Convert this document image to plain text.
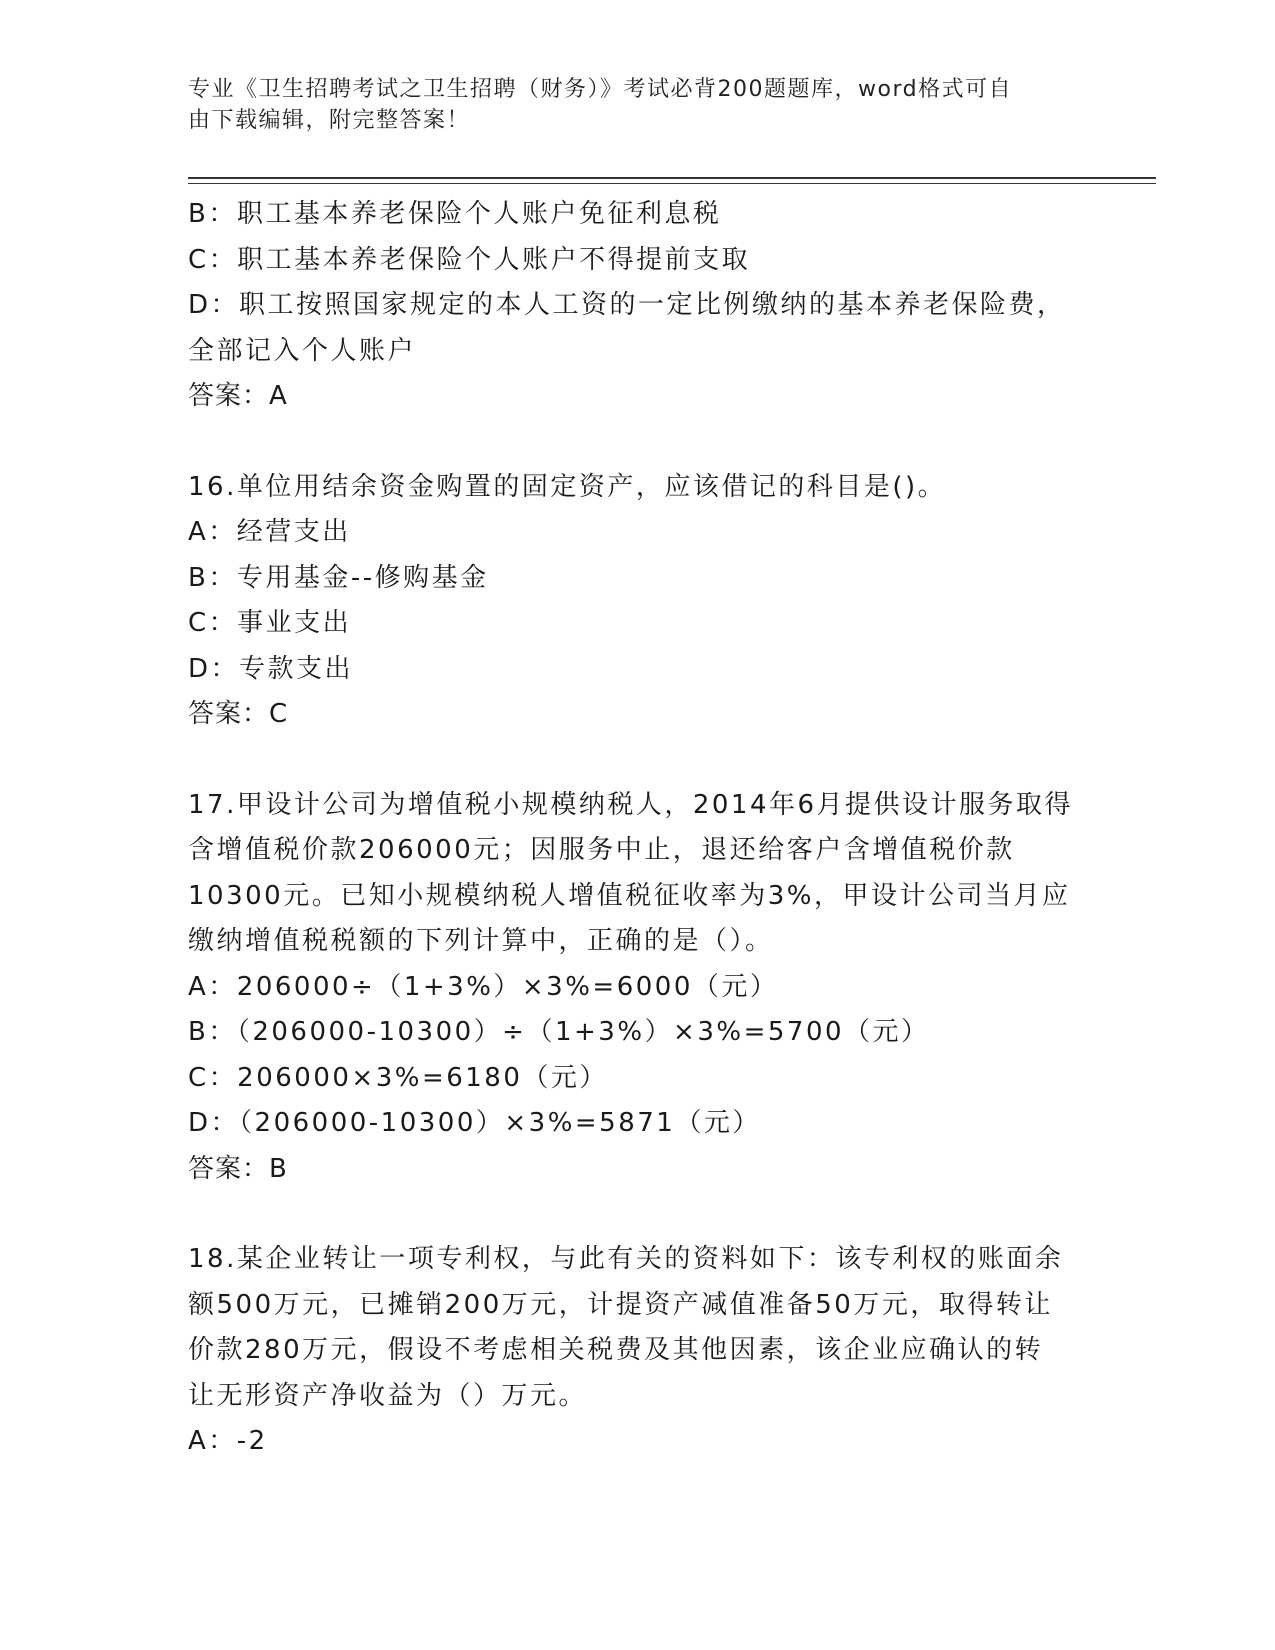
专业《卫生招聘考试之卫生招聘（财务）》考试必背200题题库，word格式可自

由下载编辑，附完整答案！

B：职工基本养老保险个人账户免征利息税

C：职工基本养老保险个人账户不得提前支取

D：职工按照国家规定的本人工资的一定比例缴纳的基本养老保险费，

全部记入个人账户

答案：A

16.单位用结余资金购置的固定资产，应该借记的科目是()。

A：经营支出

B：专用基金--修购基金

C：事业支出

D：专款支出

答案：C

17.甲设计公司为增值税小规模纳税人，2014年6月提供设计服务取得

含增值税价款206000元；因服务中止，退还给客户含增值税价款

10300元。已知小规模纳税人增值税征收率为3%，甲设计公司当月应

缴纳增值税税额的下列计算中，正确的是（）。

A：206000÷（1+3%）×3%=6000（元）

B：（206000-10300）÷（1+3%）×3%=5700（元）

C：206000×3%=6180（元）

D：（206000-10300）×3%=5871（元）

答案：B

18.某企业转让一项专利权，与此有关的资料如下：该专利权的账面余

额500万元，已摊销200万元，计提资产减值准备50万元，取得转让

价款280万元，假设不考虑相关税费及其他因素，该企业应确认的转

让无形资产净收益为（）万元。

A：-2
